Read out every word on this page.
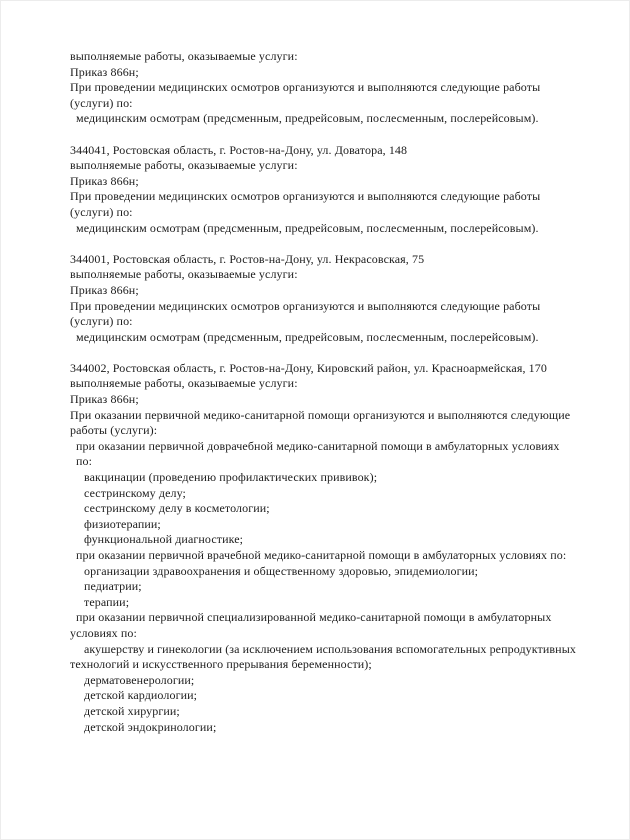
выполняемые работы, оказываемые услуги:
Приказ 866н;
При проведении медицинских осмотров организуются и выполняются следующие работы
(услуги) по:
медицинским осмотрам (предсменным, предрейсовым, послесменным, послерейсовым).

344041, Ростовская область, г. Ростов-на-Дону, ул. Доватора, 148
выполняемые работы, оказываемые услуги:
Приказ 866н;
При проведении медицинских осмотров организуются и выполняются следующие работы
(услуги) по:
медицинским осмотрам (предсменным, предрейсовым, послесменным, послерейсовым).

344001, Ростовская область, г. Ростов-на-Дону, ул. Некрасовская, 75
выполняемые работы, оказываемые услуги:
Приказ 866н;
При проведении медицинских осмотров организуются и выполняются следующие работы
(услуги) по:
медицинским осмотрам (предсменным, предрейсовым, послесменным, послерейсовым).

344002, Ростовская область, г. Ростов-на-Дону, Кировский район, ул. Красноармейская, 170
выполняемые работы, оказываемые услуги:
Приказ 866н;
При оказании первичной медико-санитарной помощи организуются и выполняются следующие
работы (услуги):
при оказании первичной доврачебной медико-санитарной помощи в амбулаторных условиях
по:
вакцинации (проведению профилактических прививок);
сестринскому делу;
сестринскому делу в косметологии;
физиотерапии;
функциональной диагностике;
при оказании первичной врачебной медико-санитарной помощи в амбулаторных условиях по:
организации здравоохранения и общественному здоровью, эпидемиологии;
педиатрии;
терапии;
при оказании первичной специализированной медико-санитарной помощи в амбулаторных
условиях по:
акушерству и гинекологии (за исключением использования вспомогательных репродуктивных
технологий и искусственного прерывания беременности);
дерматовенерологии;
детской кардиологии;
детской хирургии;
детской эндокринологии;
